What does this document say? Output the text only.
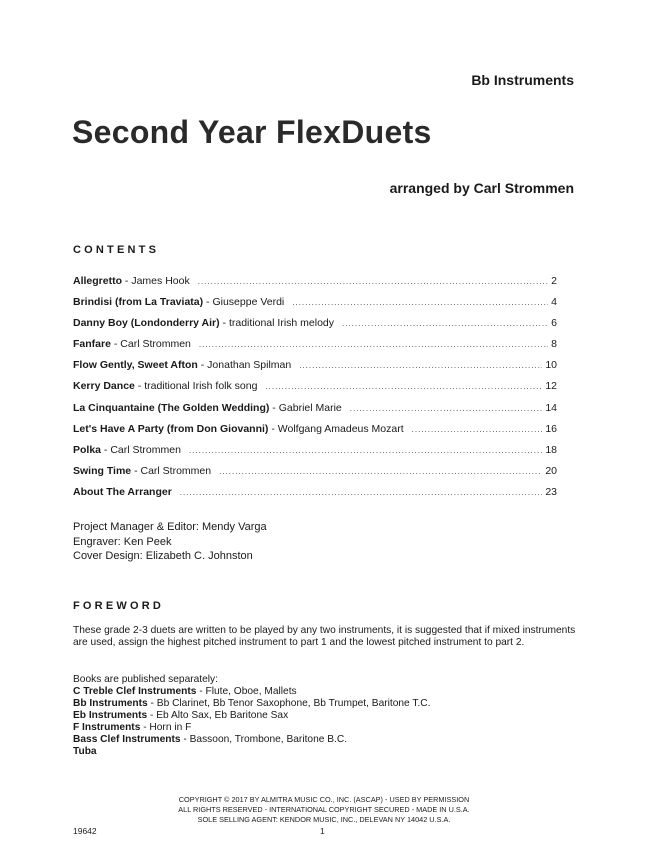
Bb Instruments
Second Year FlexDuets
arranged by Carl Strommen
CONTENTS
Allegretto - James Hook .....	2
Brindisi (from La Traviata) - Giuseppe Verdi .....	4
Danny Boy (Londonderry Air) - traditional Irish melody .....	6
Fanfare - Carl Strommen .....	8
Flow Gently, Sweet Afton - Jonathan Spilman .....	10
Kerry Dance - traditional Irish folk song .....	12
La Cinquantaine (The Golden Wedding) - Gabriel Marie .....	14
Let's Have A Party (from Don Giovanni) - Wolfgang Amadeus Mozart .....	16
Polka - Carl Strommen .....	18
Swing Time - Carl Strommen .....	20
About The Arranger .....	23
Project Manager & Editor: Mendy Varga
Engraver: Ken Peek
Cover Design: Elizabeth C. Johnston
FOREWORD
These grade 2-3 duets are written to be played by any two instruments, it is suggested that if mixed instruments are used, assign the highest pitched instrument to part 1 and the lowest pitched instrument to part 2.
Books are published separately:
C Treble Clef Instruments - Flute, Oboe, Mallets
Bb Instruments - Bb Clarinet, Bb Tenor Saxophone, Bb Trumpet, Baritone T.C.
Eb Instruments - Eb Alto Sax, Eb Baritone Sax
F Instruments - Horn in F
Bass Clef Instruments - Bassoon, Trombone, Baritone B.C.
Tuba
COPYRIGHT © 2017 BY ALMITRA MUSIC CO., INC. (ASCAP) - USED BY PERMISSION
ALL RIGHTS RESERVED - INTERNATIONAL COPYRIGHT SECURED - MADE IN U.S.A.
SOLE SELLING AGENT: KENDOR MUSIC, INC., DELEVAN NY 14042 U.S.A.
19642	1
